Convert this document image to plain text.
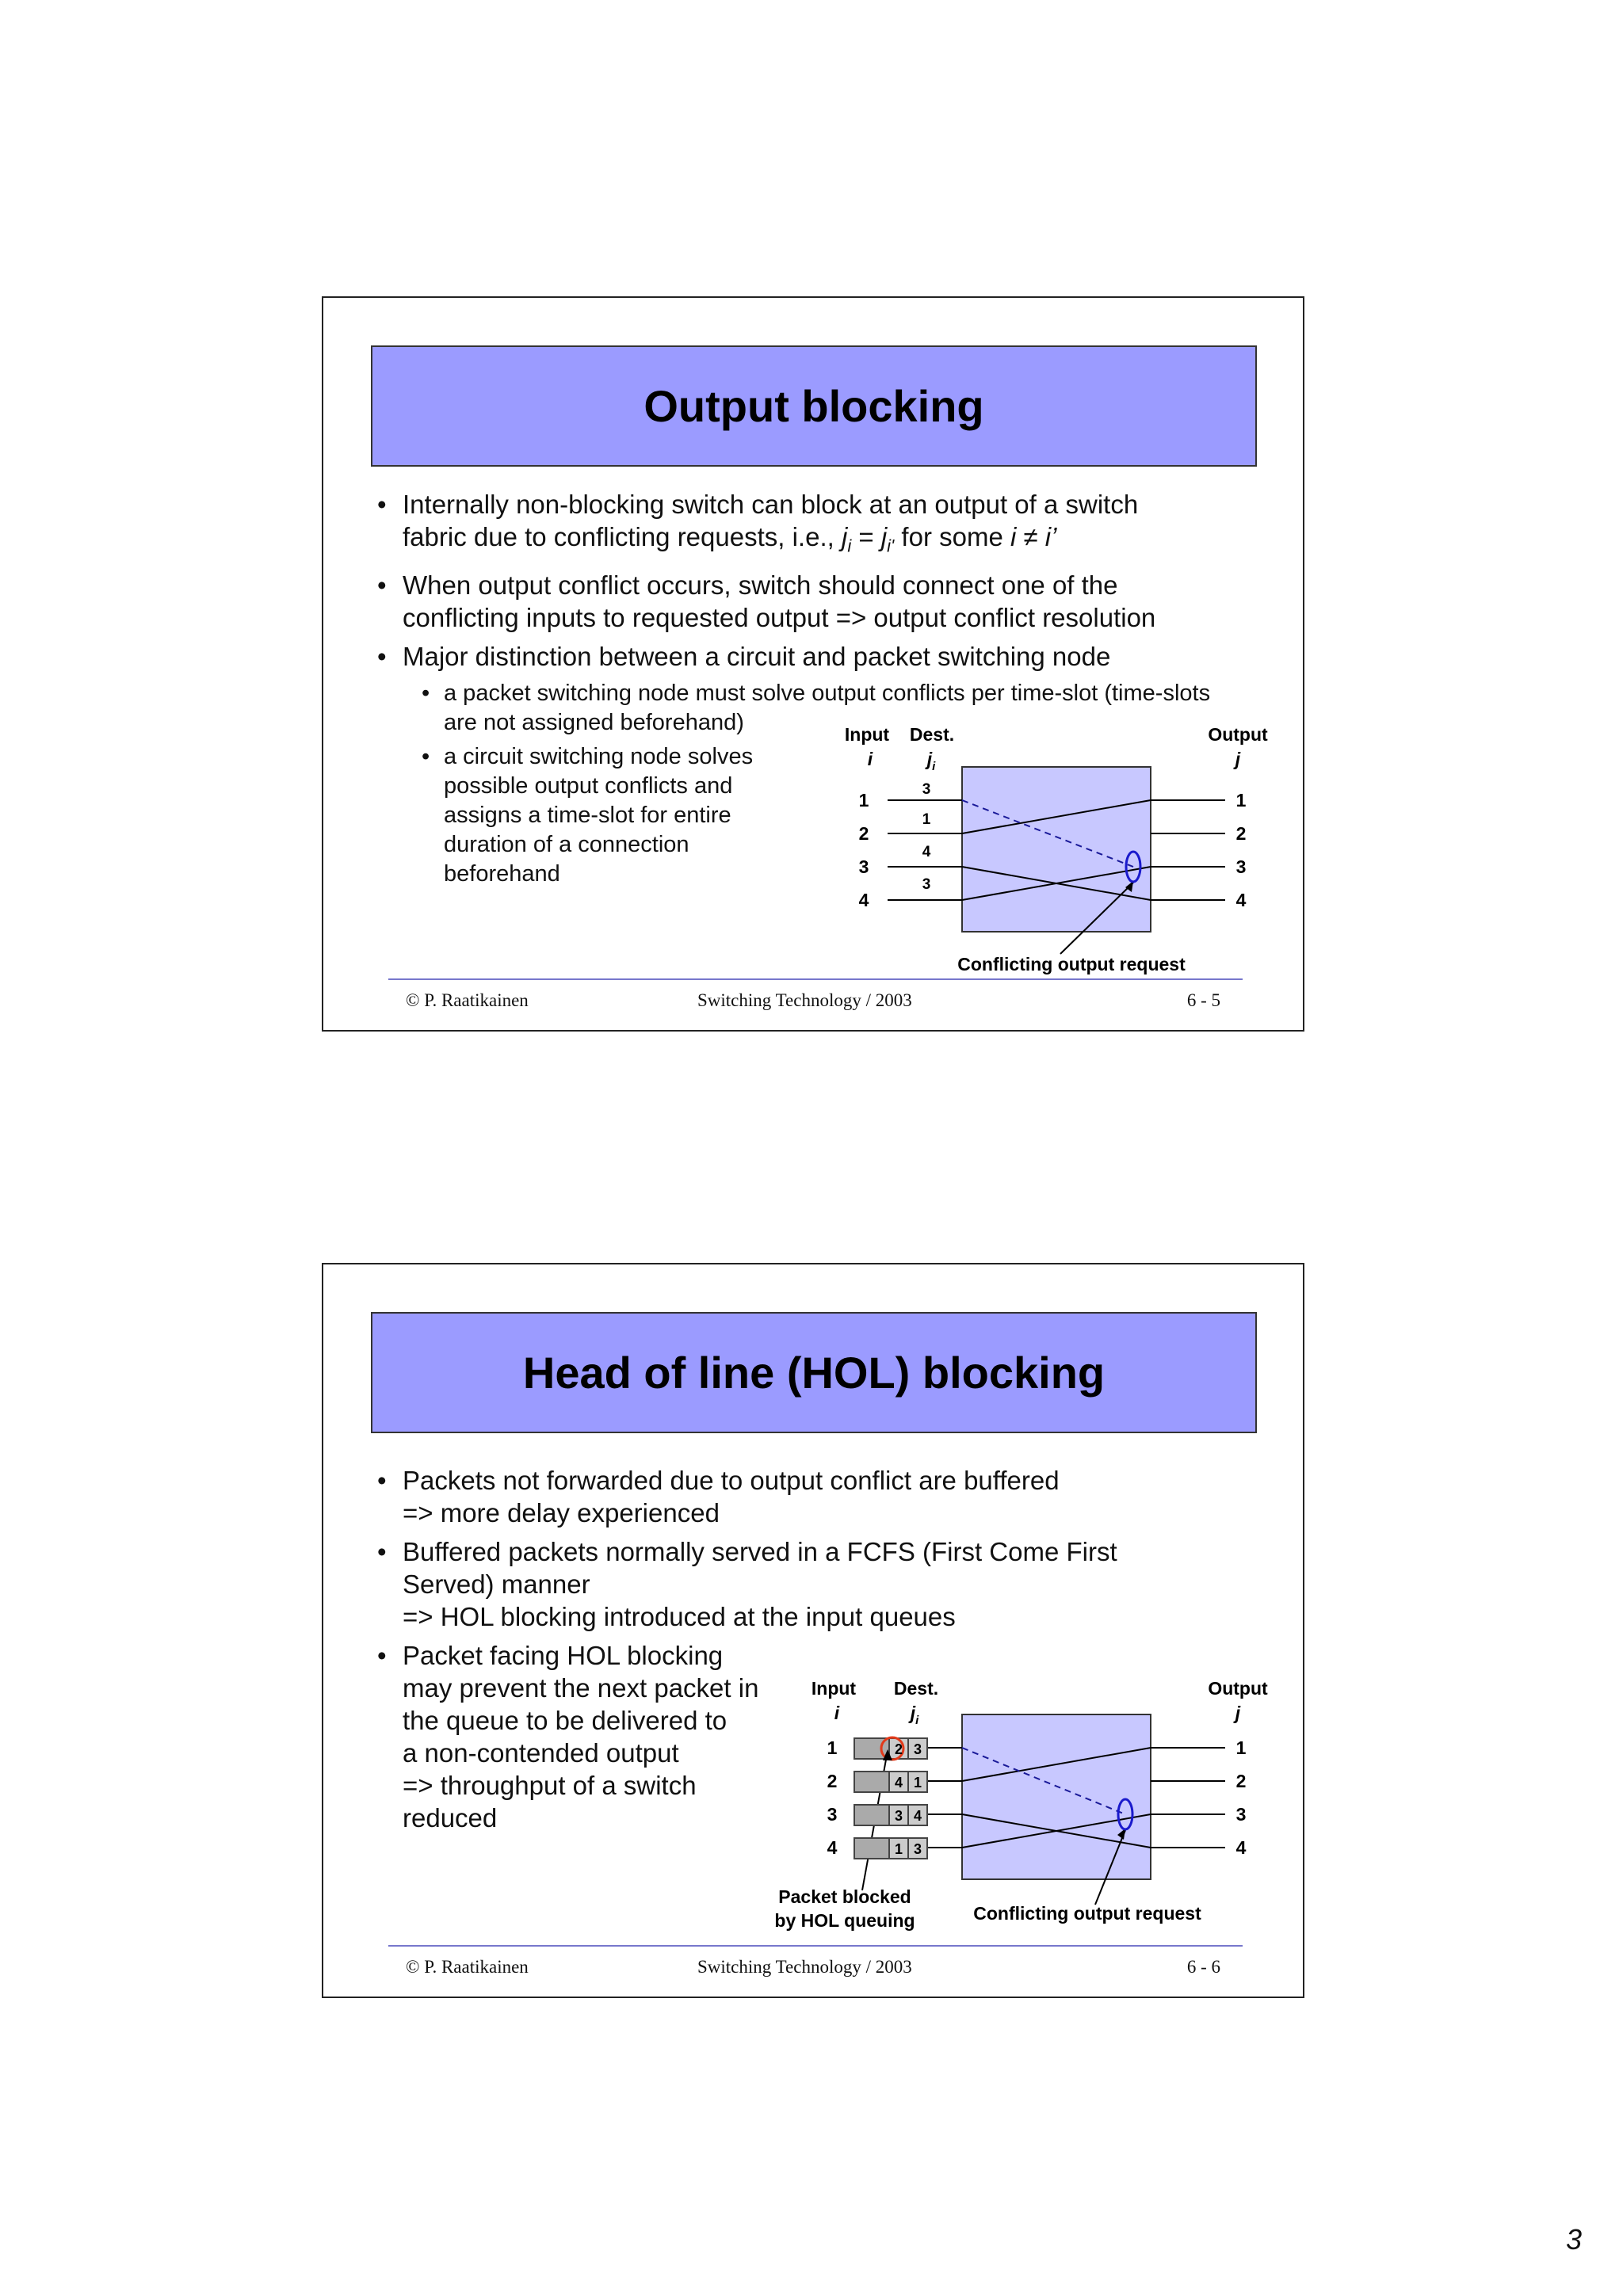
Output blocking
• Internally non-blocking switch can block at an output of a switch
fabric due to conflicting requests, i.e., $j_i = j_{i'}$ for some i ≠ i’
• When output conflict occurs, switch should connect one of the conflicting inputs to requested output => output conflict resolution
• Major distinction between a circuit and packet switching node
• a packet switching node must solve output conflicts per time-slot (time-slots are not assigned beforehand)
• a circuit switching node solves possible output conflicts and assigns a time-slot for entire duration of a connection beforehand
Input
i
Dest.
$j_i$
Output
j
1
2
3
4
3
1
4
3
1
2
3
4
Conflicting output request
© P. Raatikainen	Switching Technology / 2003	6 - 5
Head of line (HOL) blocking
• Packets not forwarded due to output conflict are buffered
=> more delay experienced
• Buffered packets normally served in a FCFS (First Come First
Served) manner
=> HOL blocking introduced at the input queues
• Packet facing HOL blocking
may prevent the next packet in
the queue to be delivered to
a non-contended output
=> throughput of a switch
reduced
Input
i
Dest.
$j_i$
Output
j
1
2
3
4
2
4
3
1
3
1
4
3
1
2
3
4
Packet blocked
by HOL queuing	Conflicting output request
© P. Raatikainen	Switching Technology / 2003	6 - 6
3
